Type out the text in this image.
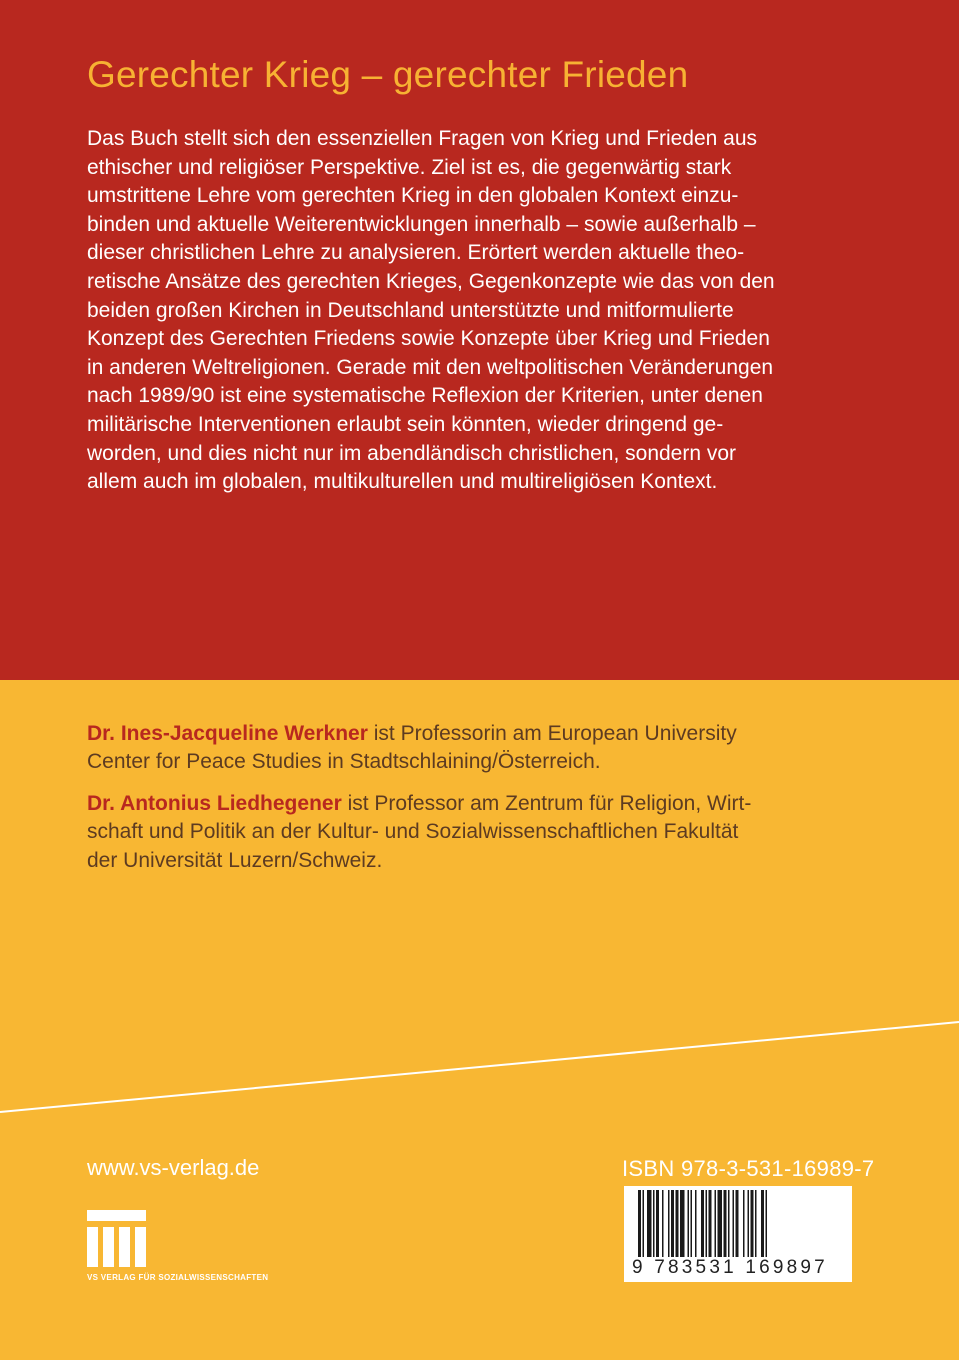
Gerechter Krieg – gerechter Frieden

Das Buch stellt sich den essenziellen Fragen von Krieg und Frieden aus
ethischer und religiöser Perspektive. Ziel ist es, die gegenwärtig stark
umstrittene Lehre vom gerechten Krieg in den globalen Kontext einzu-
binden und aktuelle Weiterentwicklungen innerhalb – sowie außerhalb –
dieser christlichen Lehre zu analysieren. Erörtert werden aktuelle theo-
retische Ansätze des gerechten Krieges, Gegenkonzepte wie das von den
beiden großen Kirchen in Deutschland unterstützte und mitformulierte
Konzept des Gerechten Friedens sowie Konzepte über Krieg und Frieden
in anderen Weltreligionen. Gerade mit den weltpolitischen Veränderungen
nach 1989/90 ist eine systematische Reflexion der Kriterien, unter denen
militärische Interventionen erlaubt sein könnten, wieder dringend ge-
worden, und dies nicht nur im abendländisch christlichen, sondern vor
allem auch im globalen, multikulturellen und multireligiösen Kontext.

Dr. Ines-Jacqueline Werkner ist Professorin am European University
Center for Peace Studies in Stadtschlaining/Österreich.

Dr. Antonius Liedhegener ist Professor am Zentrum für Religion, Wirt-
schaft und Politik an der Kultur- und Sozialwissenschaftlichen Fakultät
der Universität Luzern/Schweiz.

www.vs-verlag.de
VS VERLAG FÜR SOZIALWISSENSCHAFTEN
ISBN 978-3-531-16989-7
9 783531 169897
